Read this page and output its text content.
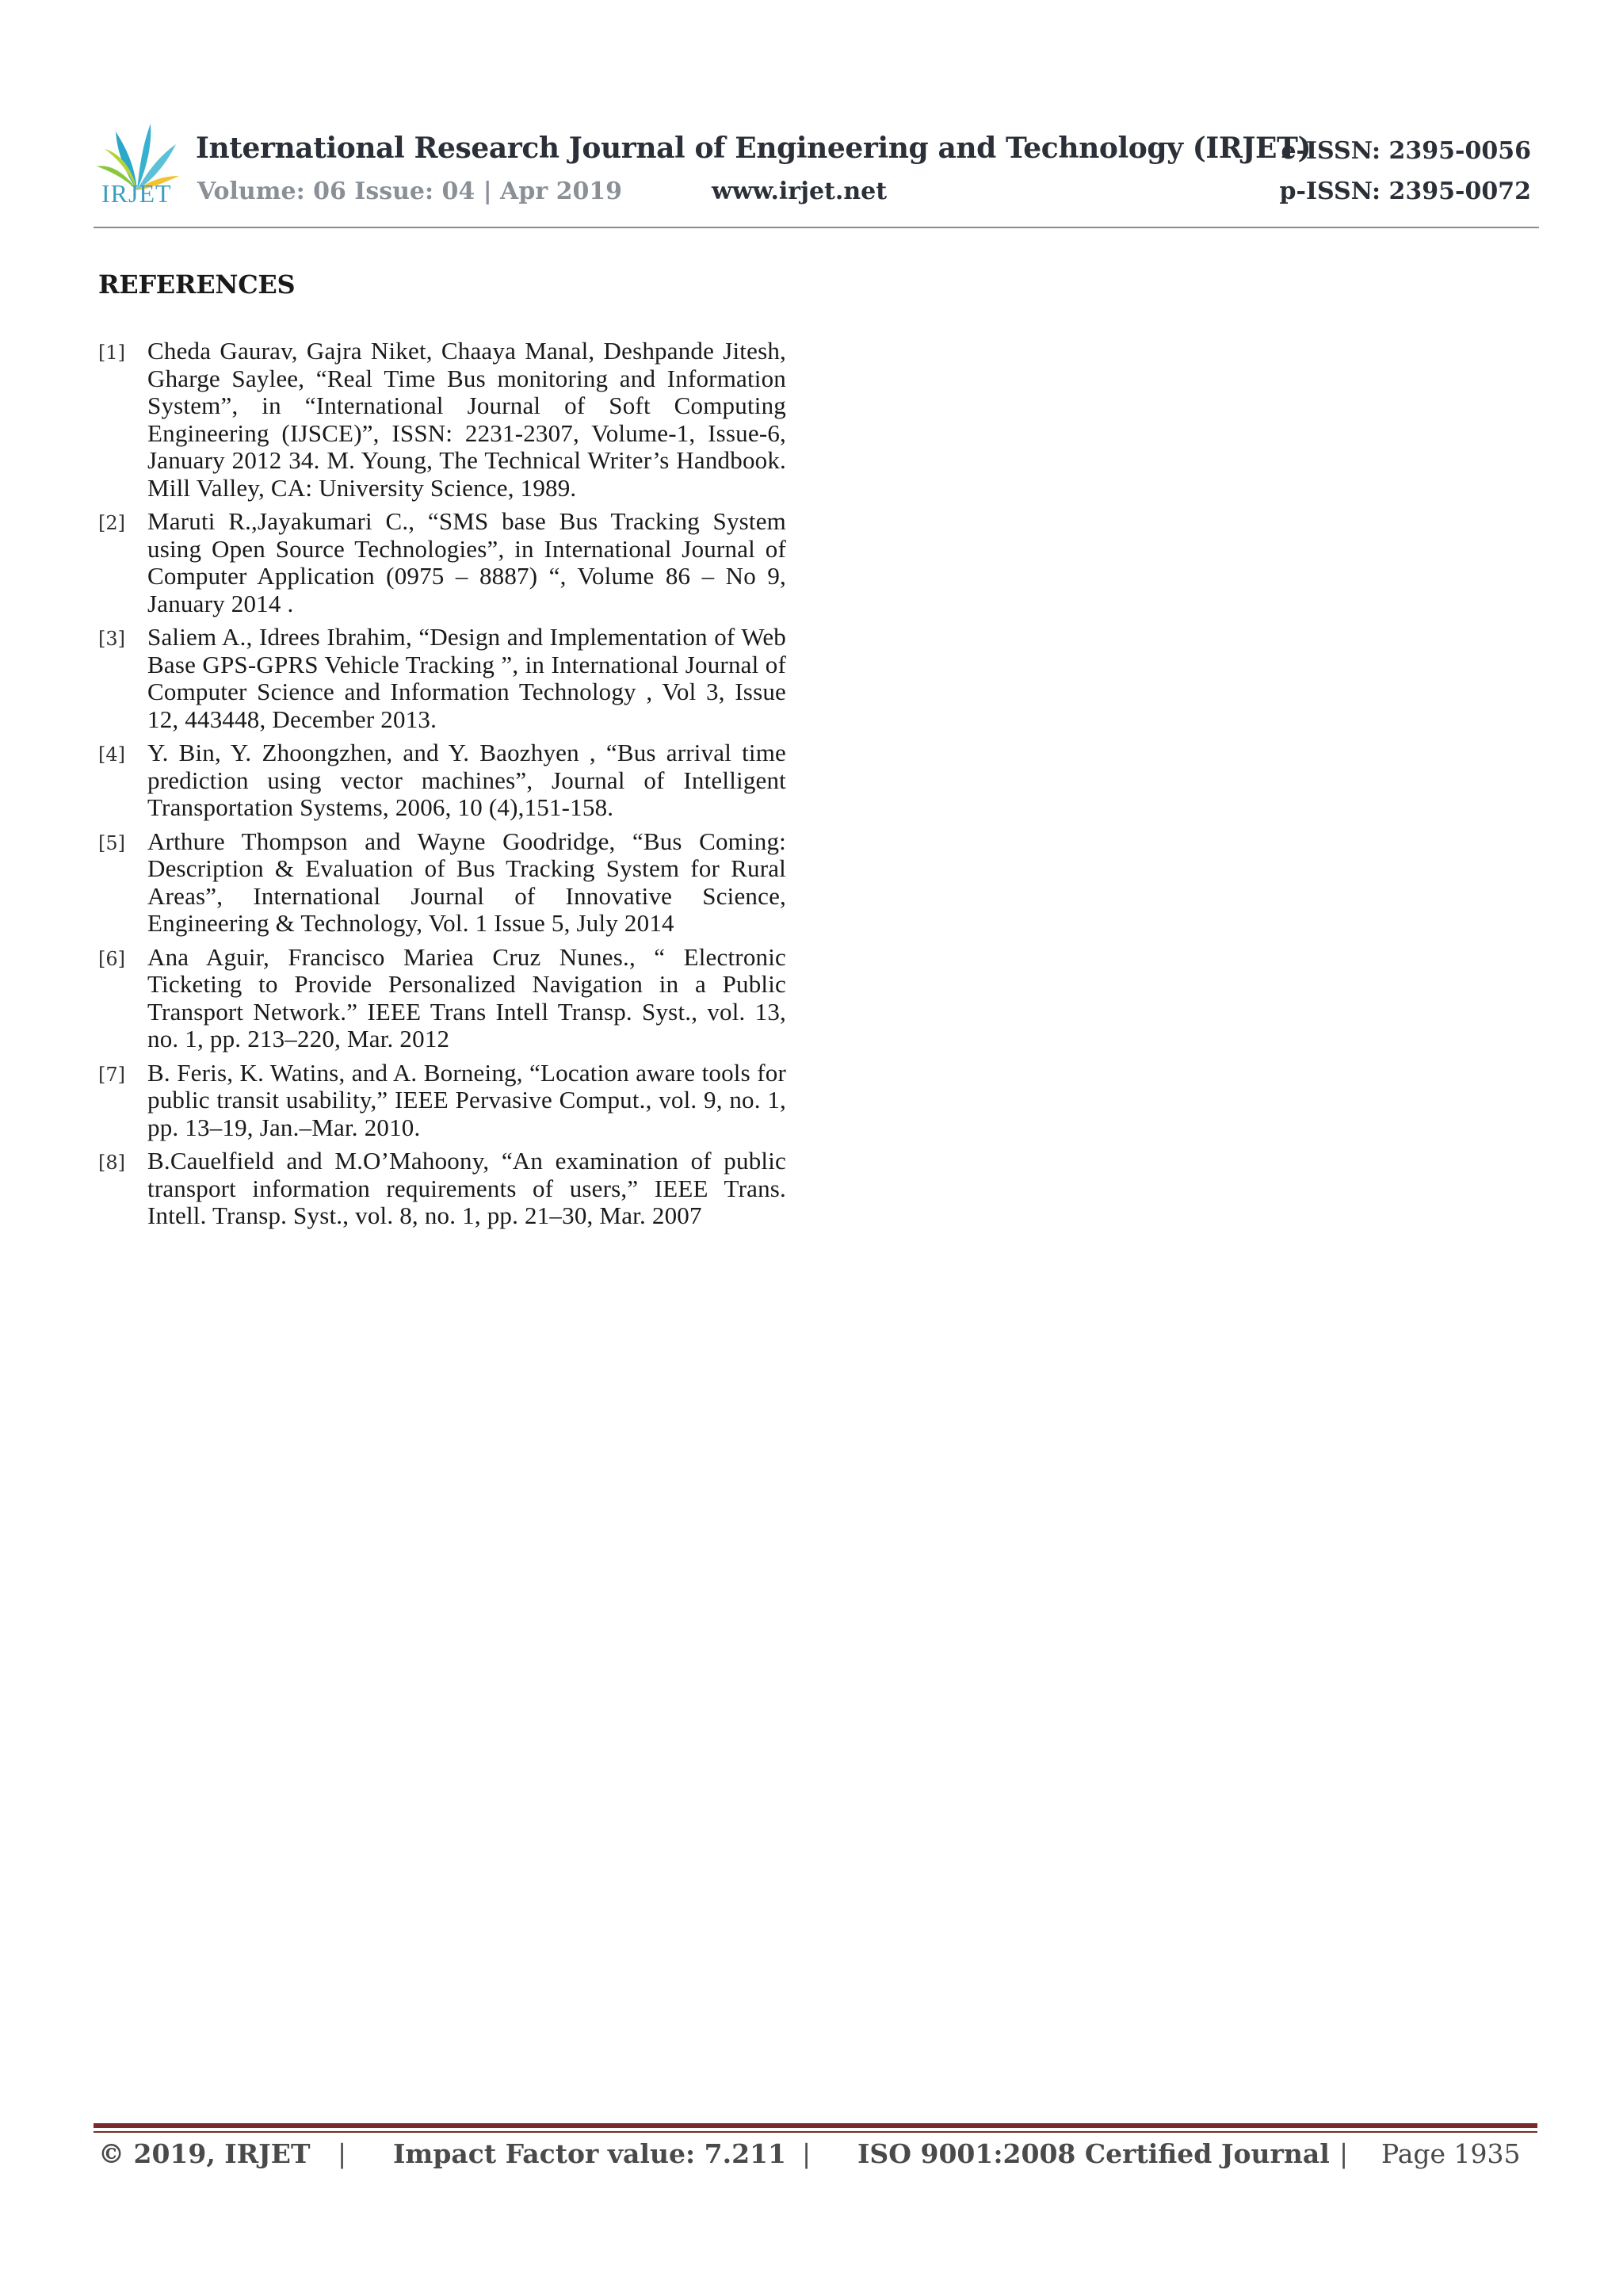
IRJET
International Research Journal of Engineering and Technology (IRJET)
e-ISSN: 2395-0056
Volume: 06 Issue: 04 | Apr 2019	www.irjet.net	p-ISSN: 2395-0072
REFERENCES
[1] Cheda Gaurav, Gajra Niket, Chaaya Manal, Deshpande Jitesh, Gharge Saylee, “Real Time Bus monitoring and Information System”, in “International Journal of Soft Computing Engineering (IJSCE)”, ISSN: 2231-2307, Volume-1, Issue-6, January 2012 34. M. Young, The Technical Writer’s Handbook. Mill Valley, CA: University Science, 1989.
[2] Maruti R.,Jayakumari C., “SMS base Bus Tracking System using Open Source Technologies”, in International Journal of Computer Application (0975 – 8887) “, Volume 86 – No 9, January 2014 .
[3] Saliem A., Idrees Ibrahim, “Design and Implementation of Web Base GPS-GPRS Vehicle Tracking ”, in International Journal of Computer Science and Information Technology , Vol 3, Issue 12, 443448, December 2013.
[4] Y. Bin, Y. Zhoongzhen, and Y. Baozhyen , “Bus arrival time prediction using vector machines”, Journal of Intelligent Transportation Systems, 2006, 10 (4),151-158.
[5] Arthure Thompson and Wayne Goodridge, “Bus Coming: Description & Evaluation of Bus Tracking System for Rural Areas”, International Journal of Innovative Science, Engineering & Technology, Vol. 1 Issue 5, July 2014
[6] Ana Aguir, Francisco Mariea Cruz Nunes., “ Electronic Ticketing to Provide Personalized Navigation in a Public Transport Network.” IEEE Trans Intell Transp. Syst., vol. 13, no. 1, pp. 213–220, Mar. 2012
[7] B. Feris, K. Watins, and A. Borneing, “Location aware tools for public transit usability,” IEEE Pervasive Comput., vol. 9, no. 1, pp. 13–19, Jan.–Mar. 2010.
[8] B.Cauelfield and M.O’Mahoony, “An examination of public transport information requirements of users,” IEEE Trans. Intell. Transp. Syst., vol. 8, no. 1, pp. 21–30, Mar. 2007
© 2019, IRJET | Impact Factor value: 7.211 | ISO 9001:2008 Certified Journal | Page 1935
